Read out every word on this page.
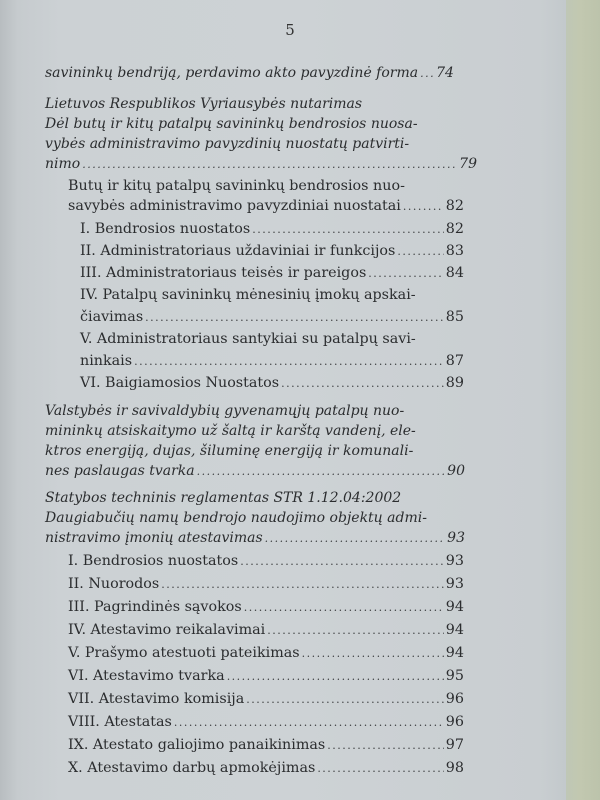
5
savininkų bendriją, perdavimo akto pavyzdinė forma ..... 74
Lietuvos Respublikos Vyriausybės nutarimas
Dėl butų ir kitų patalpų savininkų bendrosios nuosa-
vybės administravimo pavyzdinių nuostatų patvirti-
nimo .....	79
Butų ir kitų patalpų savininkų bendrosios nuo-
savybės administravimo pavyzdiniai nuostatai .....	82
I. Bendrosios nuostatos .....	82
II. Administratoriaus uždaviniai ir funkcijos .....	83
III. Administratoriaus teisės ir pareigos .....	84
IV. Patalpų savininkų mėnesinių įmokų apskai-
čiavimas .....	85
V. Administratoriaus santykiai su patalpų savi-
ninkais .....	87
VI. Baigiamosios Nuostatos .....	89
Valstybės ir savivaldybių gyvenamųjų patalpų nuo-
mininkų atsiskaitymo už šaltą ir karštą vandenį, ele-
ktros energiją, dujas, šiluminę energiją ir komunali-
nes paslaugas tvarka .....	90
Statybos techninis reglamentas STR 1.12.04:2002
Daugiabučių namų bendrojo naudojimo objektų admi-
nistravimo įmonių atestavimas .....	93
I. Bendrosios nuostatos .....	93
II. Nuorodos .....	93
III. Pagrindinės sąvokos .....	94
IV. Atestavimo reikalavimai .....	94
V. Prašymo atestuoti pateikimas .....	94
VI. Atestavimo tvarka .....	95
VII. Atestavimo komisija .....	96
VIII. Atestatas .....	96
IX. Atestato galiojimo panaikinimas .....	97
X. Atestavimo darbų apmokėjimas .....	98
